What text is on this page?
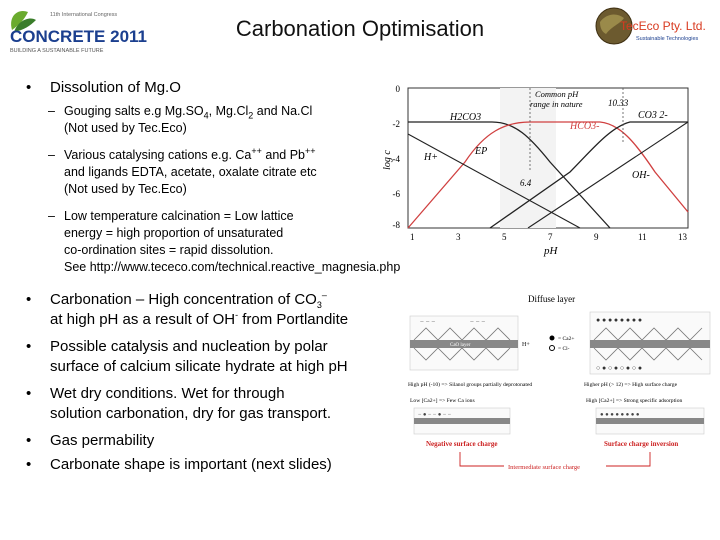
11th International Congress
CONCRETE 2011
BUILDING A SUSTAINABLE FUTURE
Carbonation Optimisation	TecEco Pty. Ltd.
Sustainable Technologies
• Dissolution of Mg.O
– Gouging salts e.g $Mg.SO_4$, $Mg.Cl_2$ and Na.Cl
(Not used by Tec.Eco)
– Various catalysing cations e.g. Ca++ and Pb++
and ligands EDTA, acetate, oxalate citrate etc
(Not used by Tec.Eco)
– Low temperature calcination = Low lattice
energy = high proportion of unsaturated
co-ordination sites = rapid dissolution.
See http://www.tececo.com/technical.reactive_magnesia.php
• Carbonation – High concentration of $CO_3^-$
at high pH as a result of OH- from Portlandite
• Possible catalysis and nucleation by polar
surface of calcium silicate hydrate at high pH
• Wet dry conditions. Wet for through
solution carbonation, dry for gas transport.
• Gas permability
• Carbonate shape is important (next slides)
0
-2
-4
-6
-8
log c
1	3	5	7	9	11	13
pH
Common pH
range in nature
H2CO3
HCO3-
CO3 2-
10.33
H+
EP
OH-
6.4
Diffuse layer
CaO layer
− − −	− − −
H+
= Ca2+
= Cl-
● ● ● ● ● ● ● ●
○ ● ○ ● ○ ● ○ ●
High pH (-10) => Silanol groups partially deprotonated	Higher pH (> 12) => High surface charge
Low [Ca2+] => Few Ca ions	High [Ca2+] => Strong specific adsorption
− ● − − ● − −	● ● ● ● ● ● ● ●
Negative surface charge	Surface charge inversion
Intermediate surface charge
